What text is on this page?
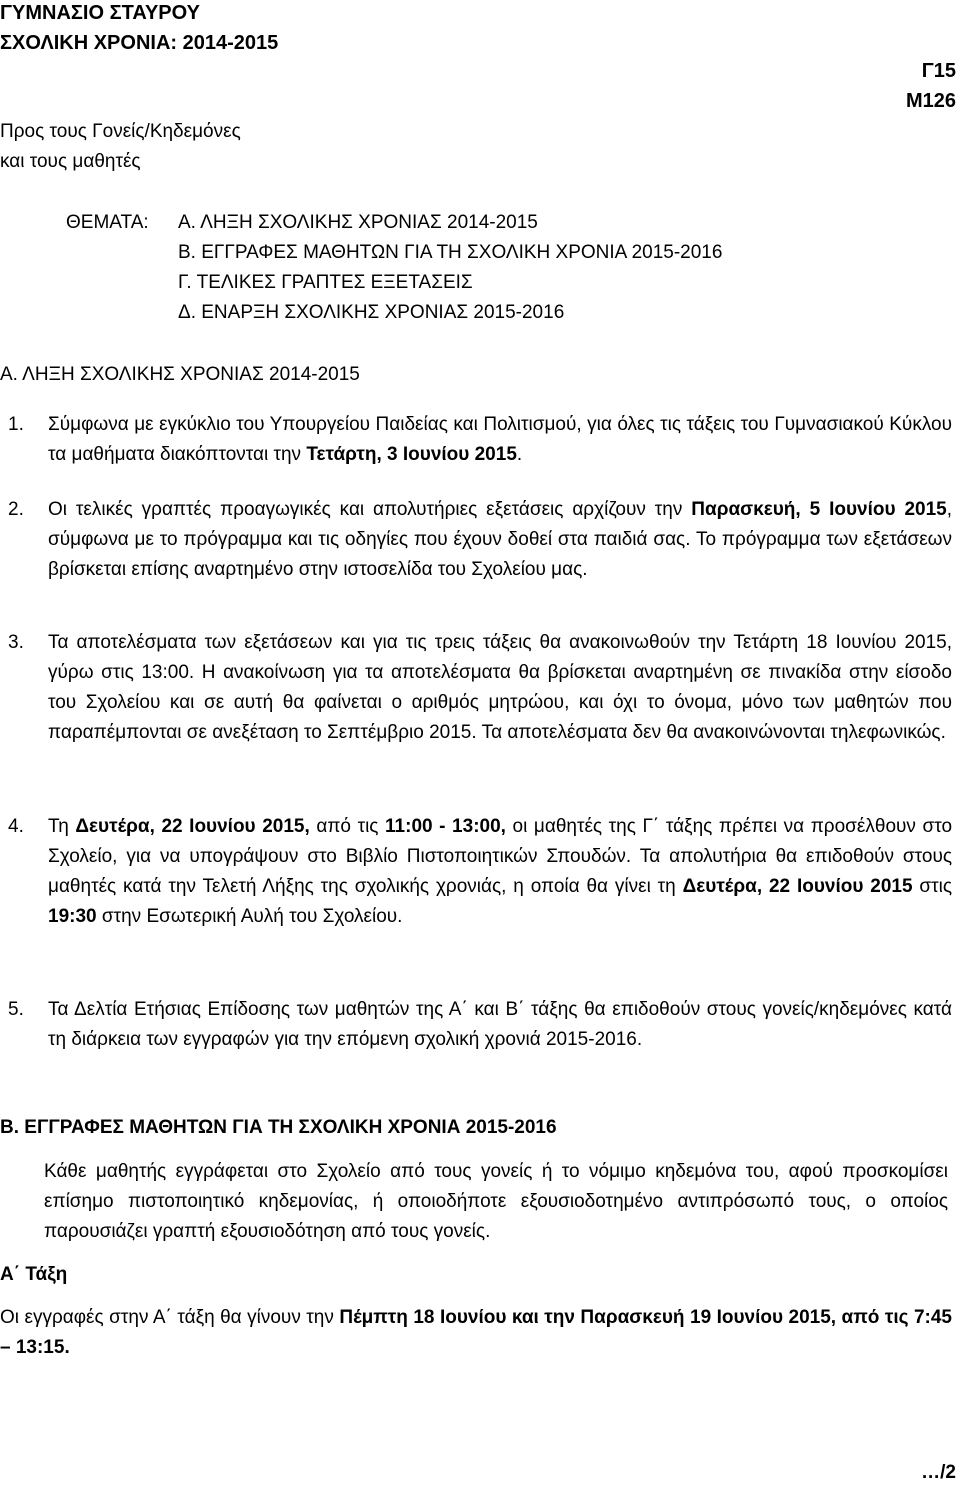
ΓΥΜΝΑΣΙΟ ΣΤΑΥΡΟΥ
ΣΧΟΛΙΚΗ ΧΡΟΝΙΑ: 2014-2015
Γ15
Μ126
Προς τους Γονείς/Κηδεμόνες
και τους μαθητές
ΘΕΜΑΤΑ: Α. ΛΗΞΗ ΣΧΟΛΙΚΗΣ ΧΡΟΝΙΑΣ 2014-2015
Β. ΕΓΓΡΑΦΕΣ ΜΑΘΗΤΩΝ ΓΙΑ ΤΗ ΣΧΟΛΙΚΗ ΧΡΟΝΙΑ 2015-2016
Γ. ΤΕΛΙΚΕΣ ΓΡΑΠΤΕΣ ΕΞΕΤΑΣΕΙΣ
Δ. ΕΝΑΡΞΗ ΣΧΟΛΙΚΗΣ ΧΡΟΝΙΑΣ 2015-2016
Α. ΛΗΞΗ ΣΧΟΛΙΚΗΣ ΧΡΟΝΙΑΣ 2014-2015
1. Σύμφωνα με εγκύκλιο του Υπουργείου Παιδείας και Πολιτισμού, για όλες τις τάξεις του Γυμνασιακού Κύκλου τα μαθήματα διακόπτονται την Τετάρτη, 3 Ιουνίου 2015.
2. Οι τελικές γραπτές προαγωγικές και απολυτήριες εξετάσεις αρχίζουν την Παρασκευή, 5 Ιουνίου 2015, σύμφωνα με το πρόγραμμα και τις οδηγίες που έχουν δοθεί στα παιδιά σας. Το πρόγραμμα των εξετάσεων βρίσκεται επίσης αναρτημένο στην ιστοσελίδα του Σχολείου μας.
3. Τα αποτελέσματα των εξετάσεων και για τις τρεις τάξεις θα ανακοινωθούν την Τετάρτη 18 Ιουνίου 2015, γύρω στις 13:00. Η ανακοίνωση για τα αποτελέσματα θα βρίσκεται αναρτημένη σε πινακίδα στην είσοδο του Σχολείου και σε αυτή θα φαίνεται ο αριθμός μητρώου, και όχι το όνομα, μόνο των μαθητών που παραπέμπονται σε ανεξέταση το Σεπτέμβριο 2015. Τα αποτελέσματα δεν θα ανακοινώνονται τηλεφωνικώς.
4. Τη Δευτέρα, 22 Ιουνίου 2015, από τις 11:00 - 13:00, οι μαθητές της Γ΄ τάξης πρέπει να προσέλθουν στο Σχολείο, για να υπογράψουν στο Βιβλίο Πιστοποιητικών Σπουδών. Τα απολυτήρια θα επιδοθούν στους μαθητές κατά την Τελετή Λήξης της σχολικής χρονιάς, η οποία θα γίνει τη Δευτέρα, 22 Ιουνίου 2015 στις 19:30 στην Εσωτερική Αυλή του Σχολείου.
5. Τα Δελτία Ετήσιας Επίδοσης των μαθητών της Α΄ και Β΄ τάξης θα επιδοθούν στους γονείς/κηδεμόνες κατά τη διάρκεια των εγγραφών για την επόμενη σχολική χρονιά 2015-2016.
Β. ΕΓΓΡΑΦΕΣ ΜΑΘΗΤΩΝ ΓΙΑ ΤΗ ΣΧΟΛΙΚΗ ΧΡΟΝΙΑ 2015-2016
Κάθε μαθητής εγγράφεται στο Σχολείο από τους γονείς ή το νόμιμο κηδεμόνα του, αφού προσκομίσει επίσημο πιστοποιητικό κηδεμονίας, ή οποιοδήποτε εξουσιοδοτημένο αντιπρόσωπό τους, ο οποίος παρουσιάζει γραπτή εξουσιοδότηση από τους γονείς.
Α΄ Τάξη
Οι εγγραφές στην Α΄ τάξη θα γίνουν την Πέμπτη 18 Ιουνίου και την Παρασκευή 19 Ιουνίου 2015, από τις 7:45 – 13:15.
…/2
